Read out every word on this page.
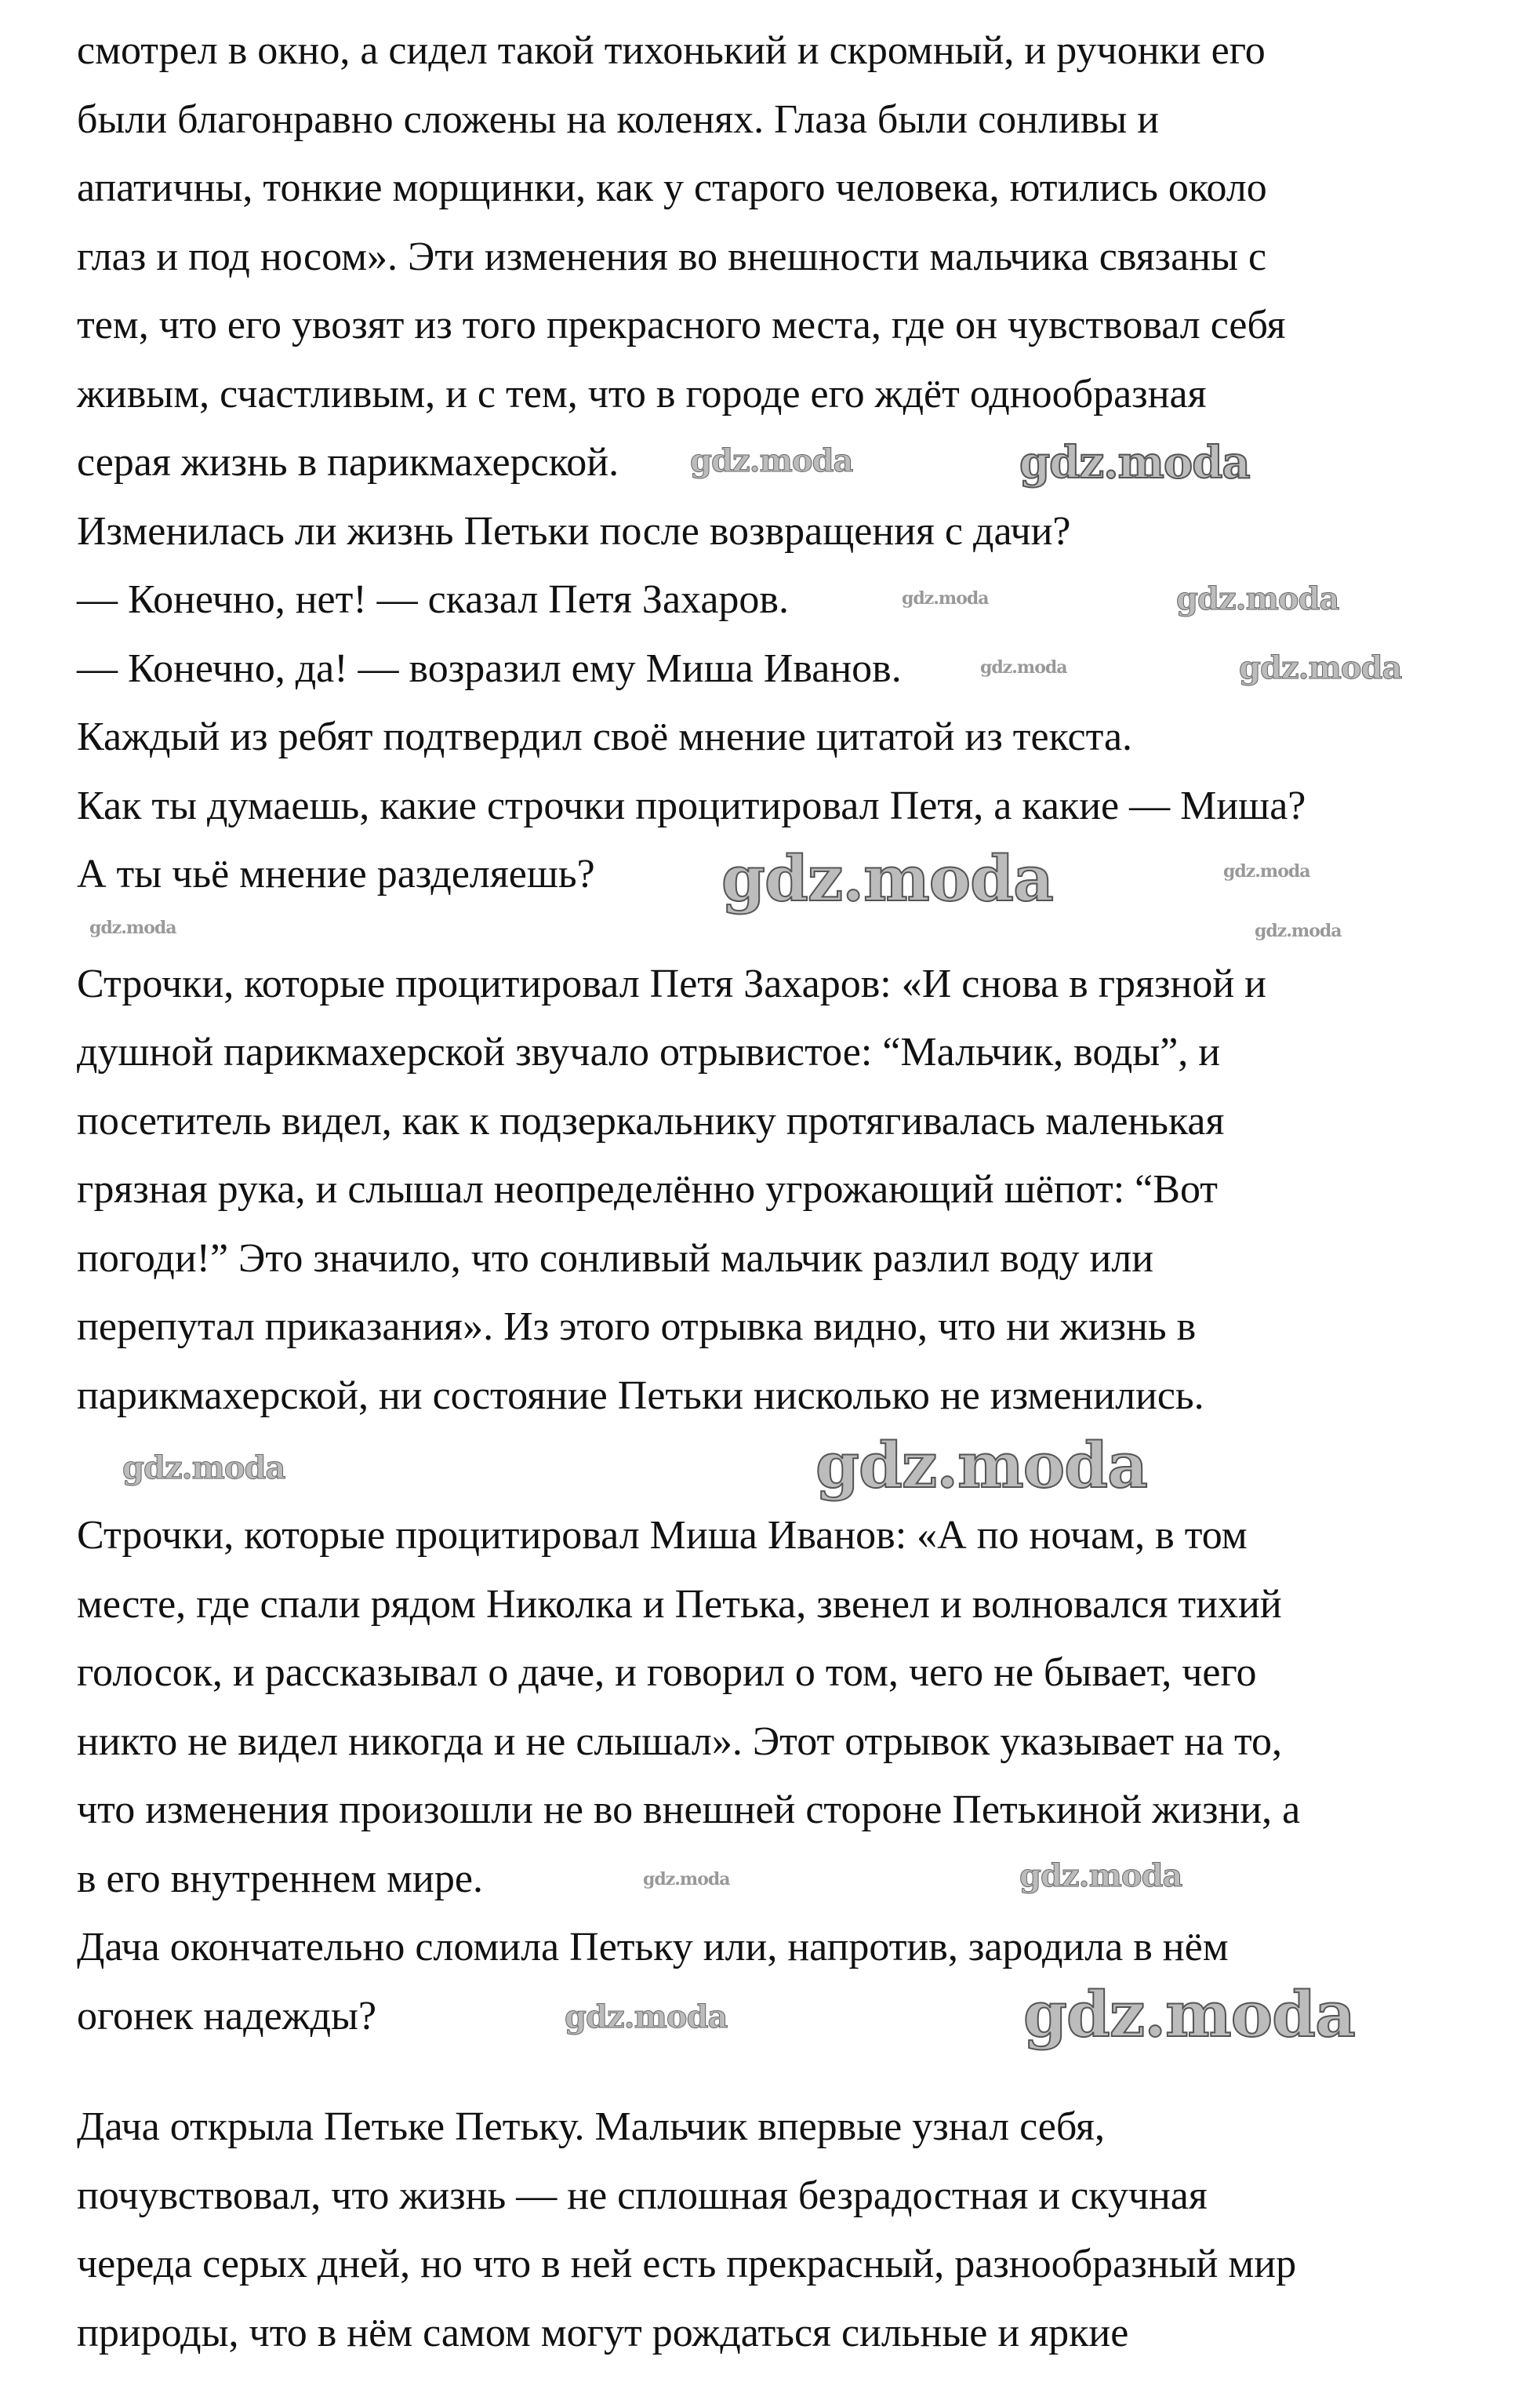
смотрел в окно, а сидел такой тихонький и скромный, и ручонки его
были благонравно сложены на коленях. Глаза были сонливы и
апатичны, тонкие морщинки, как у старого человека, ютились около
глаз и под носом». Эти изменения во внешности мальчика связаны с
тем, что его увозят из того прекрасного места, где он чувствовал себя
живым, счастливым, и с тем, что в городе его ждёт однообразная
серая жизнь в парикмахерской.
Изменилась ли жизнь Петьки после возвращения с дачи?
— Конечно, нет! — сказал Петя Захаров.
— Конечно, да! — возразил ему Миша Иванов.
Каждый из ребят подтвердил своё мнение цитатой из текста.
Как ты думаешь, какие строчки процитировал Петя, а какие — Миша?
А ты чьё мнение разделяешь?
Строчки, которые процитировал Петя Захаров: «И снова в грязной и
душной парикмахерской звучало отрывистое: “Мальчик, воды”, и
посетитель видел, как к подзеркальнику протягивалась маленькая
грязная рука, и слышал неопределённо угрожающий шёпот: “Вот
погоди!” Это значило, что сонливый мальчик разлил воду или
перепутал приказания». Из этого отрывка видно, что ни жизнь в
парикмахерской, ни состояние Петьки нисколько не изменились.
Строчки, которые процитировал Миша Иванов: «А по ночам, в том
месте, где спали рядом Николка и Петька, звенел и волновался тихий
голосок, и рассказывал о даче, и говорил о том, чего не бывает, чего
никто не видел никогда и не слышал». Этот отрывок указывает на то,
что изменения произошли не во внешней стороне Петькиной жизни, а
в его внутреннем мире.
Дача окончательно сломила Петьку или, напротив, зародила в нём
огонек надежды?
Дача открыла Петьке Петьку. Мальчик впервые узнал себя,
почувствовал, что жизнь — не сплошная безрадостная и скучная
череда серых дней, но что в ней есть прекрасный, разнообразный мир
природы, что в нём самом могут рождаться сильные и яркие
gdz.moda	gdz.moda
gdz.moda	gdz.moda
gdz.moda	gdz.moda
gdz.moda	gdz.moda
gdz.moda	gdz.moda
gdz.moda
gdz.moda
gdz.moda	gdz.moda
gdz.moda	gdz.moda
